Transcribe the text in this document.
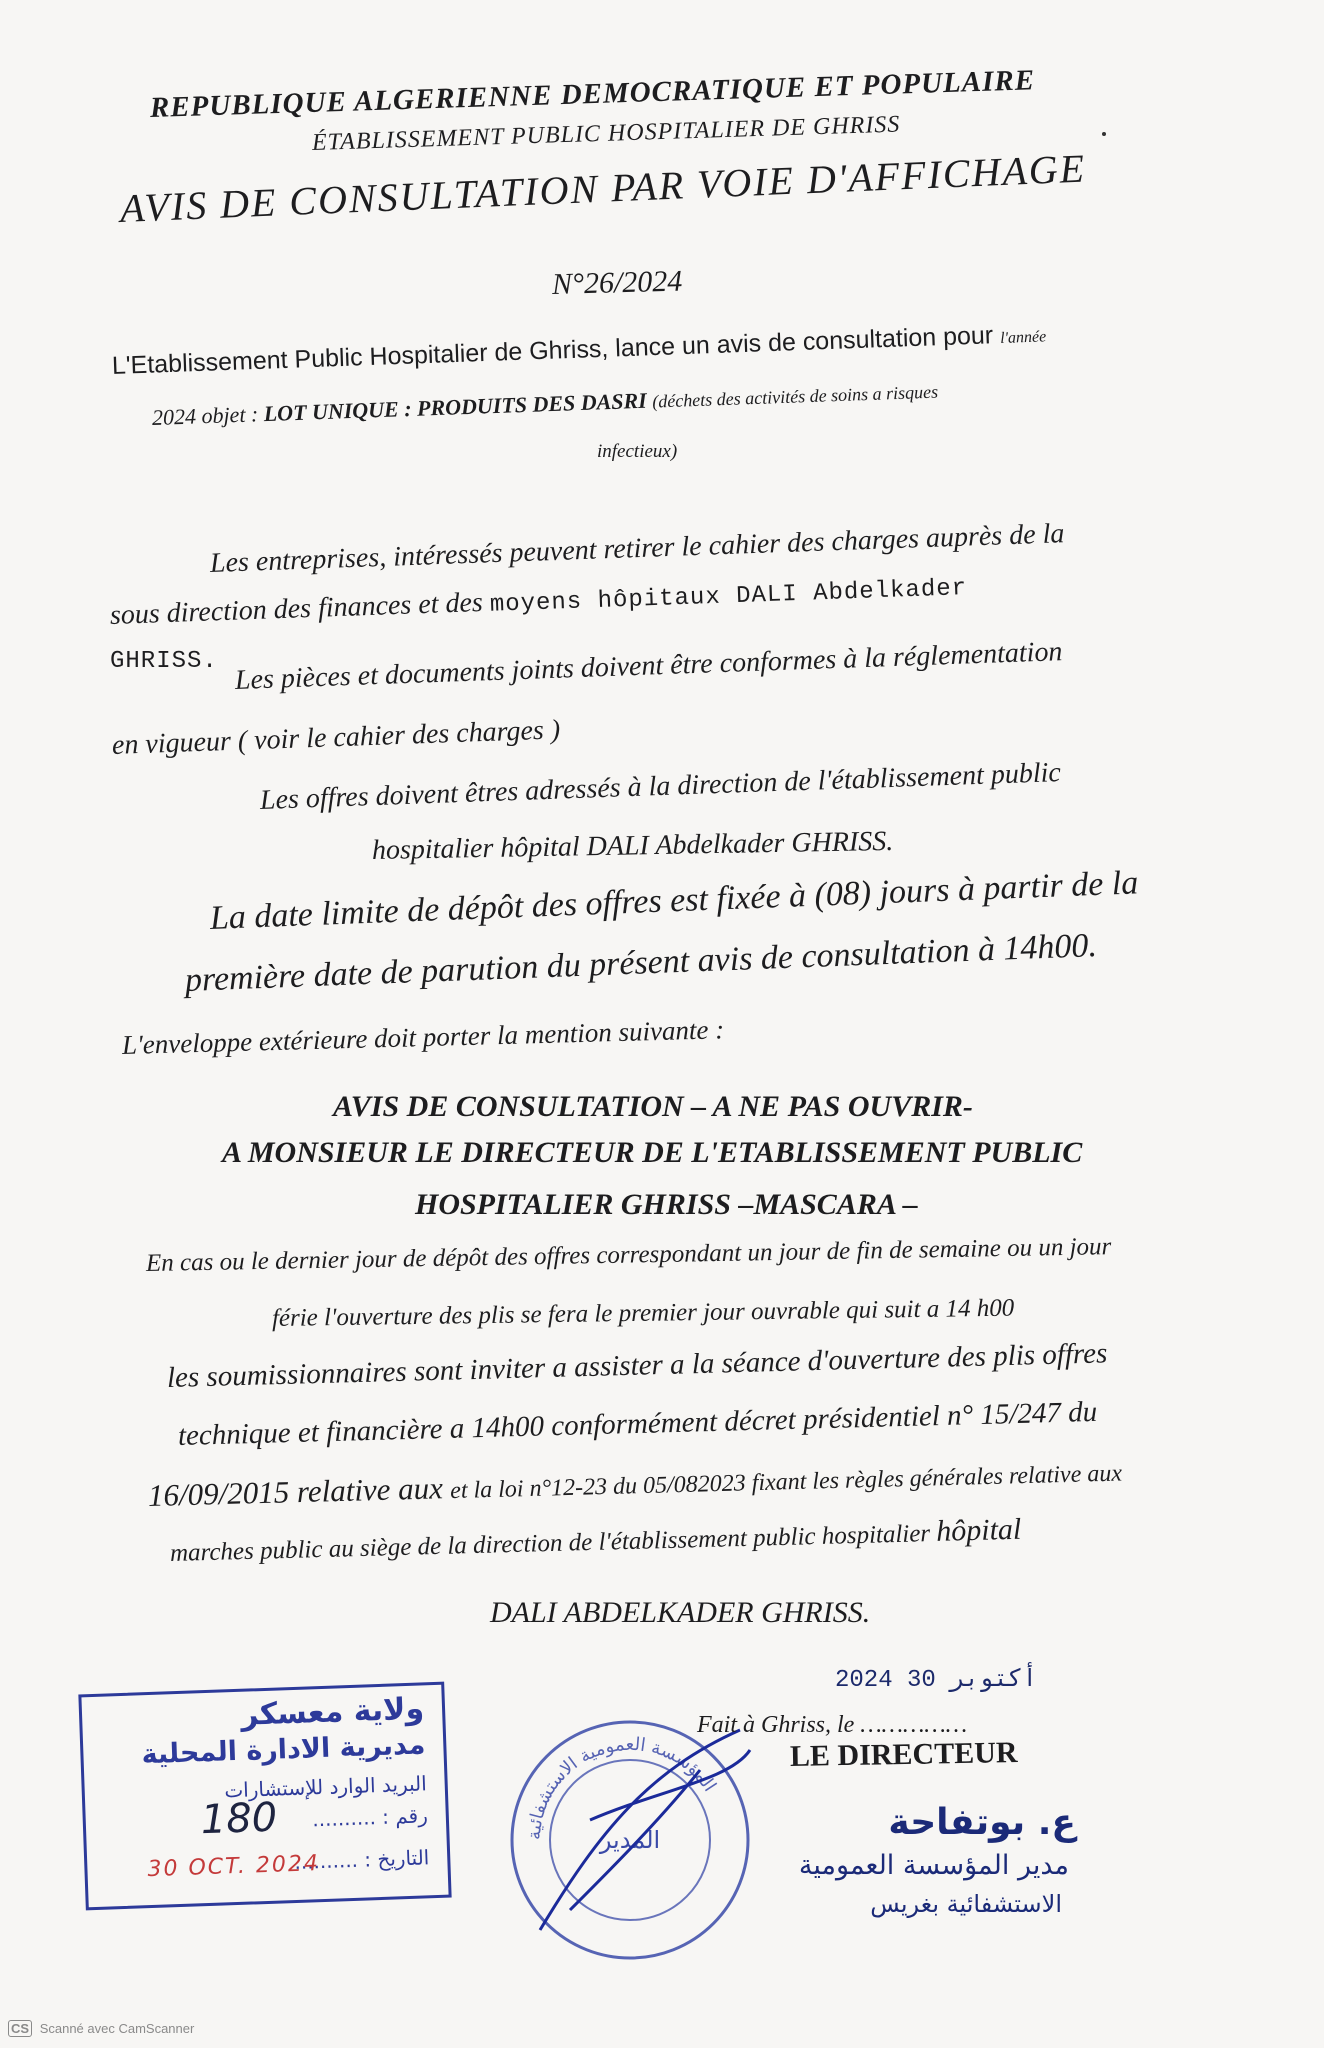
REPUBLIQUE ALGERIENNE DEMOCRATIQUE ET POPULAIRE
ÉTABLISSEMENT PUBLIC HOSPITALIER DE GHRISS
AVIS DE CONSULTATION PAR VOIE D'AFFICHAGE
N°26/2024
L'Etablissement Public Hospitalier de Ghriss, lance un avis de consultation pour l'année
2024 objet : LOT UNIQUE : PRODUITS DES DASRI (déchets des activités de soins a risques
infectieux)
Les entreprises, intéressés peuvent retirer le cahier des charges auprès de la
sous direction des finances et des moyens hôpitaux DALI Abdelkader
GHRISS. Les pièces et documents joints doivent être conformes à la réglementation
en vigueur ( voir le cahier des charges )
Les offres doivent êtres adressés à la direction de l'établissement public
hospitalier hôpital DALI Abdelkader GHRISS.
La date limite de dépôt des offres est fixée à (08) jours à partir de la
première date de parution du présent avis de consultation à 14h00.
L'enveloppe extérieure doit porter la mention suivante :
AVIS DE CONSULTATION – A NE PAS OUVRIR-
A MONSIEUR LE DIRECTEUR DE L'ETABLISSEMENT PUBLIC
HOSPITALIER GHRISS –MASCARA –
En cas ou le dernier jour de dépôt des offres correspondant un jour de fin de semaine ou un jour
férie l'ouverture des plis se fera le premier jour ouvrable qui suit a 14 h00
les soumissionnaires sont inviter a assister a la séance d'ouverture des plis offres
technique et financière a 14h00 conformément décret présidentiel n° 15/247 du
16/09/2015 relative aux et la loi n°12-23 du 05/082023 fixant les règles générales relative aux
marches public au siège de la direction de l'établissement public hospitalier hôpital
DALI ABDELKADER GHRISS.
ولاية معسكر
مديرية الادارة المحلية
البريد الوارد للإستشارات
رقم : ..........
التاريخ : ..........
180
30 OCT. 2024
المؤسسة العمومية الاستشفائية
المدير
2024 أكتوبر 30
Fait à Ghriss, le ……………
LE DIRECTEUR
ع. بوتفاحة
مدير المؤسسة العمومية
الاستشفائية بغريس
CS Scanné avec CamScanner
